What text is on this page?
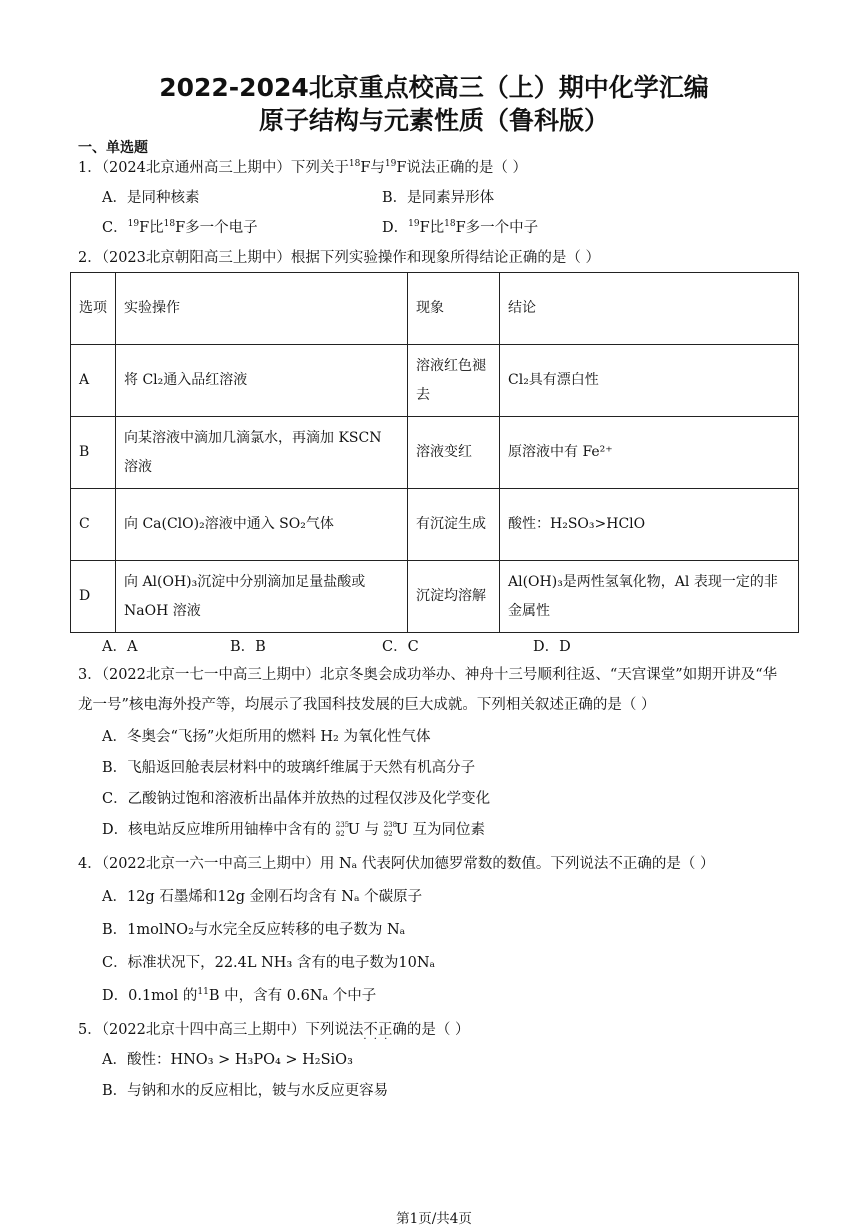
2022-2024北京重点校高三（上）期中化学汇编
原子结构与元素性质（鲁科版）
一、单选题
1．（2024北京通州高三上期中）下列关于$^{18}$F与$^{19}$F说法正确的是（ ）
A．是同种核素	B．是同素异形体
C．$^{19}$F比$^{18}$F多一个电子	D．$^{19}$F比$^{18}$F多一个中子
2．（2023北京朝阳高三上期中）根据下列实验操作和现象所得结论正确的是（ ）
选项	实验操作	现象	结论
A	将 Cl₂通入品红溶液	溶液红色褪去	Cl₂具有漂白性
B	向某溶液中滴加几滴氯水，再滴加 KSCN 溶液	溶液变红	原溶液中有 Fe²⁺
C	向 Ca(ClO)₂溶液中通入 SO₂气体	有沉淀生成	酸性：H₂SO₃>HClO
D	向 Al(OH)₃沉淀中分别滴加足量盐酸或 NaOH 溶液	沉淀均溶解	Al(OH)₃是两性氢氧化物，Al 表现一定的非金属性
A．A	B．B	C．C	D．D
3．（2022北京一七一中高三上期中）北京冬奥会成功举办、神舟十三号顺利往返、“天宫课堂”如期开讲及“华
龙一号”核电海外投产等，均展示了我国科技发展的巨大成就。下列相关叙述正确的是（ ）
A．冬奥会“飞扬”火炬所用的燃料 H₂ 为氧化性气体
B．飞船返回舱表层材料中的玻璃纤维属于天然有机高分子
C．乙酸钠过饱和溶液析出晶体并放热的过程仅涉及化学变化
D．核电站反应堆所用铀棒中含有的 235
92 U 与 238
92 U 互为同位素
4．（2022北京一六一中高三上期中）用 Nₐ 代表阿伏加德罗常数的数值。下列说法不正确的是（ ）
A．12g 石墨烯和12g 金刚石均含有 Nₐ 个碳原子
B．1molNO₂与水完全反应转移的电子数为 Nₐ
C．标准状况下，22.4L NH₃ 含有的电子数为10Nₐ
D．0.1mol 的$^{11}$B 中，含有 0.6Nₐ 个中子
5．（2022北京十四中高三上期中）下列说法不正确 · · ·的是（ ）
A．酸性：HNO₃ > H₃PO₄ > H₂SiO₃
B．与钠和水的反应相比，铍与水反应更容易
第1页/共4页
